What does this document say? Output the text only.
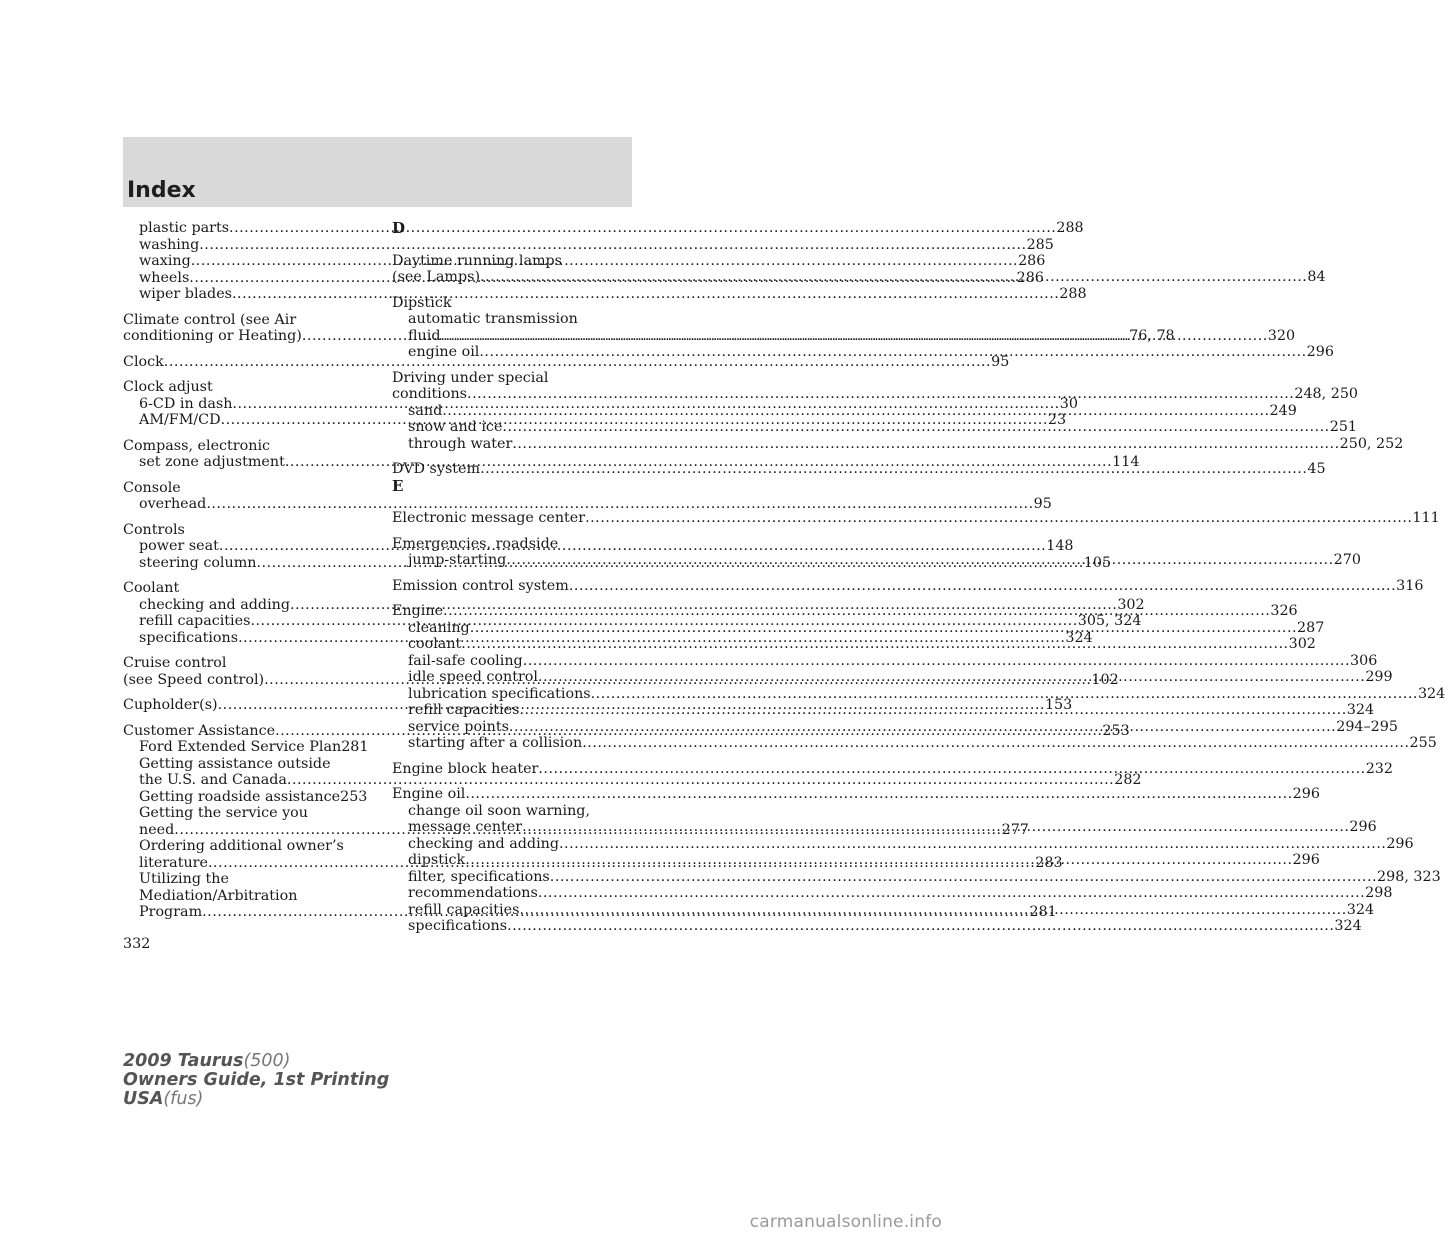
Index
plastic parts .....	288
washing .....	285
waxing .....	286
wheels .....	286
wiper blades .....	288
Climate control (see Air
conditioning or Heating) .....	76, 78
Clock .....	95
Clock adjust
6-CD in dash .....	30
AM/FM/CD .....	23
Compass, electronic
set zone adjustment .....	114
Console
overhead .....	95
Controls
power seat .....	148
steering column .....	105
Coolant
checking and adding .....	302
refill capacities .....	305, 324
specifications .....	324
Cruise control
(see Speed control) .....	102
Cupholder(s) .....	153
Customer Assistance .....	253
Ford Extended Service Plan 281
Getting assistance outside
the U.S. and Canada .....	282
Getting roadside assistance 253
Getting the service you
need .....	277
Ordering additional owner’s
literature .....	283
Utilizing the
Mediation/Arbitration
Program .....	281
D
Daytime running lamps
(see Lamps) .....	84
Dipstick
automatic transmission
fluid .....	320
engine oil .....	296
Driving under special
conditions .....	248, 250
sand .....	249
snow and ice .....	251
through water .....	250, 252
DVD system .....	45
E
Electronic message center .....	111
Emergencies, roadside
jump-starting .....	270
Emission control system .....	316
Engine .....	326
cleaning .....	287
coolant .....	302
fail-safe cooling .....	306
idle speed control .....	299
lubrication specifications .....	324
refill capacities .....	324
service points .....	294–295
starting after a collision .....	255
Engine block heater .....	232
Engine oil .....	296
change oil soon warning,
message center .....	296
checking and adding .....	296
dipstick .....	296
filter, specifications .....	298, 323
recommendations .....	298
refill capacities .....	324
specifications .....	324
332
2009 Taurus(500)
Owners Guide, 1st Printing
USA(fus)
carmanualsonline.info
